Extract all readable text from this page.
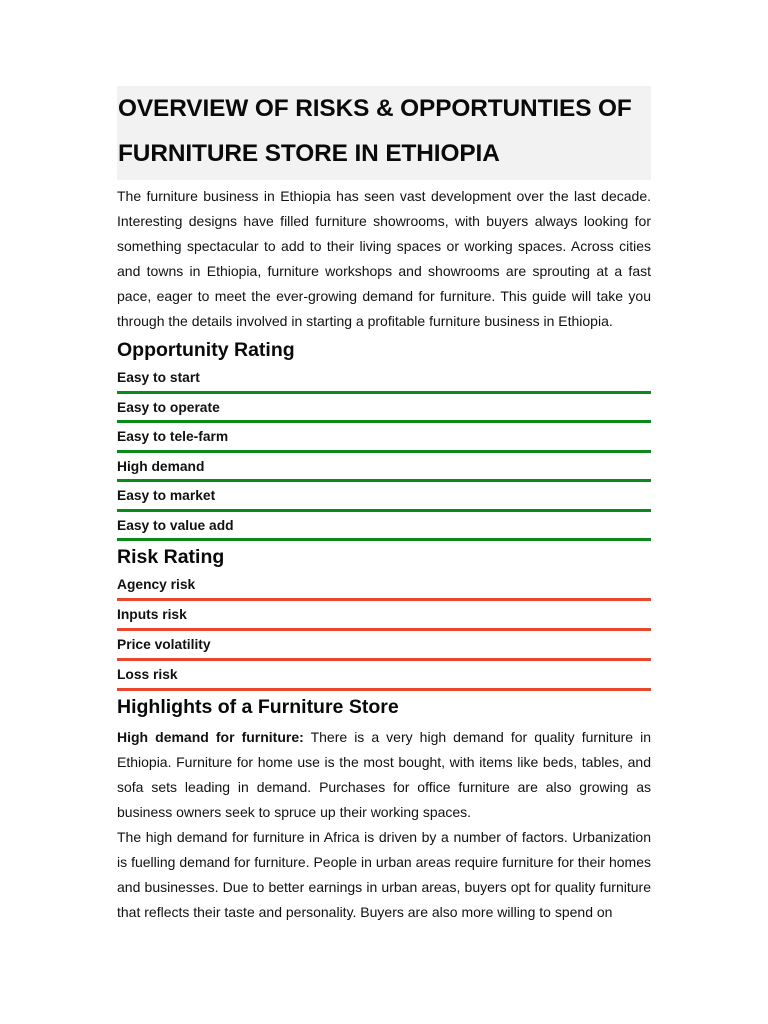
OVERVIEW OF RISKS & OPPORTUNTIES OF FURNITURE STORE IN ETHIOPIA

The furniture business in Ethiopia has seen vast development over the last decade. Interesting designs have filled furniture showrooms, with buyers always looking for something spectacular to add to their living spaces or working spaces. Across cities and towns in Ethiopia, furniture workshops and showrooms are sprouting at a fast pace, eager to meet the ever-growing demand for furniture. This guide will take you through the details involved in starting a profitable furniture business in Ethiopia.

Opportunity Rating
Easy to start
Easy to operate
Easy to tele-farm
High demand
Easy to market
Easy to value add
Risk Rating
Agency risk
Inputs risk
Price volatility
Loss risk
Highlights of a Furniture Store

High demand for furniture: There is a very high demand for quality furniture in Ethiopia. Furniture for home use is the most bought, with items like beds, tables, and sofa sets leading in demand. Purchases for office furniture are also growing as business owners seek to spruce up their working spaces.

The high demand for furniture in Africa is driven by a number of factors. Urbanization is fuelling demand for furniture. People in urban areas require furniture for their homes and businesses. Due to better earnings in urban areas, buyers opt for quality furniture that reflects their taste and personality. Buyers are also more willing to spend on
